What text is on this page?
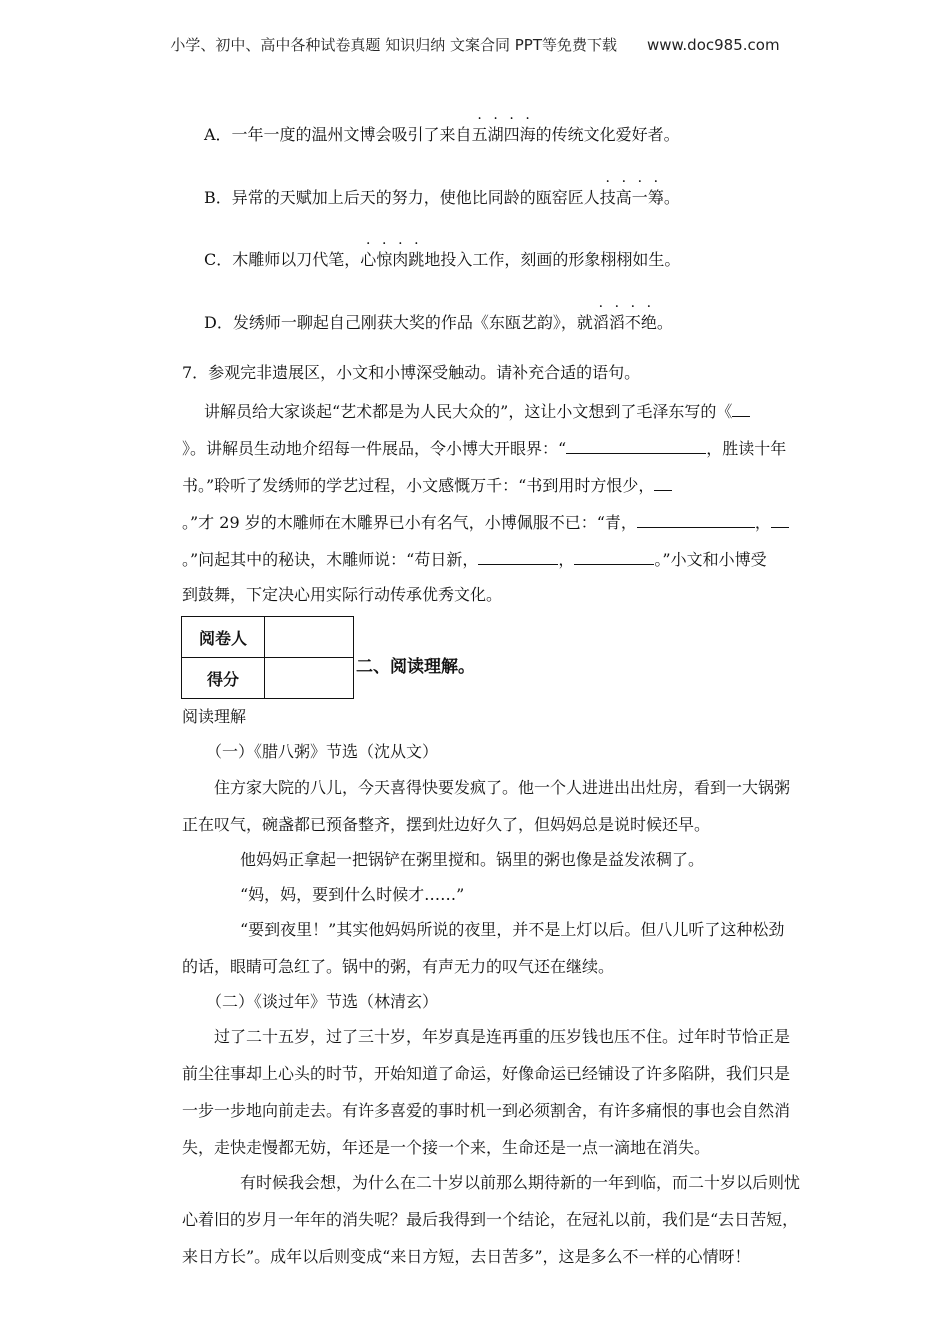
小学、初中、高中各种试卷真题 知识归纳 文案合同 PPT等免费下载 www.doc985.com
A．一年一度的温州文博会吸引了来自五湖四海的传统文化爱好者。
B．异常的天赋加上后天的努力，使他比同龄的瓯窑匠人技高一筹。
C．木雕师以刀代笔，心惊肉跳地投入工作，刻画的形象栩栩如生。
D．发绣师一聊起自己刚获大奖的作品《东瓯艺韵》，就滔滔不绝。
7．参观完非遗展区，小文和小博深受触动。请补充合适的语句。
讲解员给大家谈起“艺术都是为人民大众的”，这让小文想到了毛泽东写的《
》。讲解员生动地介绍每一件展品，令小博大开眼界：“	，胜读十年
书。”聆听了发绣师的学艺过程，小文感慨万千：“书到用时方恨少，
。”才 29 岁的木雕师在木雕界已小有名气，小博佩服不已：“青，	，
。”问起其中的秘诀，木雕师说：“苟日新，	，	。”小文和小博受
到鼓舞，下定决心用实际行动传承优秀文化。
阅卷人	
得分	
二、阅读理解。
阅读理解
（一）《腊八粥》节选（沈从文）
住方家大院的八儿，今天喜得快要发疯了。他一个人进进出出灶房，看到一大锅粥
正在叹气，碗盏都已预备整齐，摆到灶边好久了，但妈妈总是说时候还早。
他妈妈正拿起一把锅铲在粥里搅和。锅里的粥也像是益发浓稠了。
“妈，妈，要到什么时候才……”
“要到夜里！”其实他妈妈所说的夜里，并不是上灯以后。但八儿听了这种松劲
的话，眼睛可急红了。锅中的粥，有声无力的叹气还在继续。
（二）《谈过年》节选（林清玄）
过了二十五岁，过了三十岁，年岁真是连再重的压岁钱也压不住。过年时节恰正是
前尘往事却上心头的时节，开始知道了命运，好像命运已经铺设了许多陷阱，我们只是
一步一步地向前走去。有许多喜爱的事时机一到必须割舍，有许多痛恨的事也会自然消
失，走快走慢都无妨，年还是一个接一个来，生命还是一点一滴地在消失。
有时候我会想，为什么在二十岁以前那么期待新的一年到临，而二十岁以后则忧
心着旧的岁月一年年的消失呢？最后我得到一个结论，在冠礼以前，我们是“去日苦短，
来日方长”。成年以后则变成“来日方短，去日苦多”，这是多么不一样的心情呀！
